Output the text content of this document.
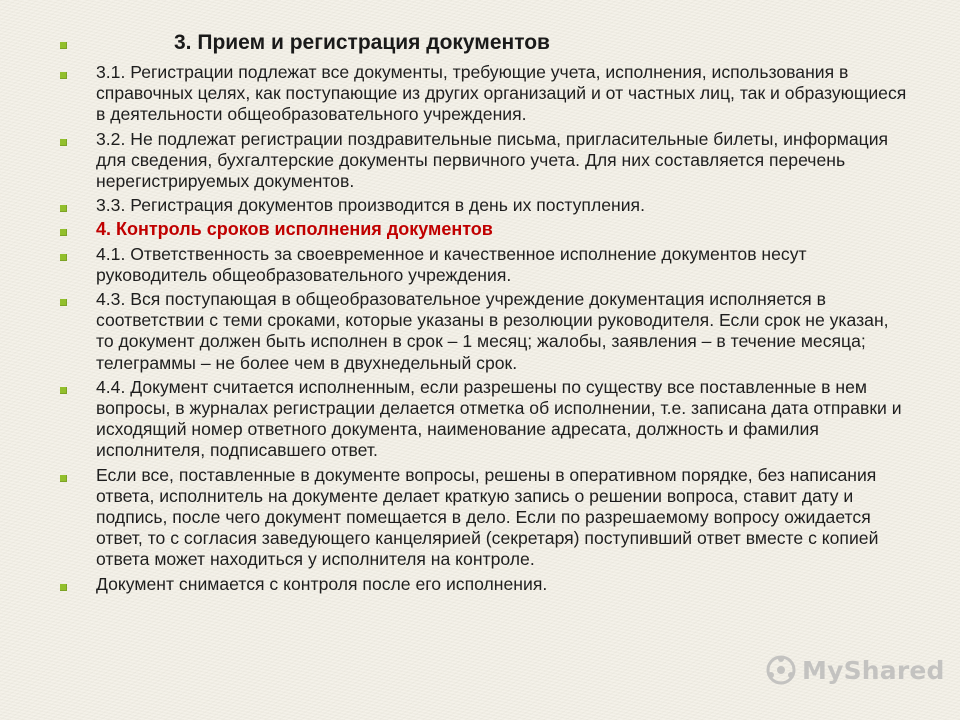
3. Прием и регистрация документов
3.1. Регистрации подлежат все документы, требующие учета, исполнения, использования в справочных целях, как поступающие из других организаций и от частных лиц, так и образующиеся в деятельности общеобразовательного учреждения.
3.2. Не подлежат регистрации поздравительные письма, пригласительные билеты, информация для сведения, бухгалтерские документы первичного учета. Для них составляется перечень нерегистрируемых документов.
3.3. Регистрация документов производится в день их поступления.
4. Контроль сроков исполнения документов
4.1. Ответственность за своевременное и качественное исполнение документов несут руководитель общеобразовательного учреждения.
4.3. Вся поступающая в общеобразовательное учреждение документация исполняется в соответствии с теми сроками, которые указаны в резолюции руководителя. Если срок не указан, то документ должен быть исполнен в срок – 1 месяц; жалобы, заявления – в течение месяца; телеграммы – не более чем в двухнедельный срок.
4.4. Документ считается исполненным, если разрешены по существу все поставленные в нем вопросы, в журналах регистрации делается отметка об исполнении, т.е. записана дата отправки и исходящий номер ответного документа, наименование адресата, должность и фамилия исполнителя, подписавшего ответ.
Если все, поставленные в документе вопросы, решены в оперативном порядке, без написания ответа, исполнитель на документе делает краткую запись о решении вопроса, ставит дату и подпись, после чего документ помещается в дело. Если по разрешаемому вопросу ожидается ответ, то с согласия заведующего канцелярией (секретаря) поступивший ответ вместе с копией ответа может находиться у исполнителя на контроле.
Документ снимается с контроля после его исполнения.
MyShared
